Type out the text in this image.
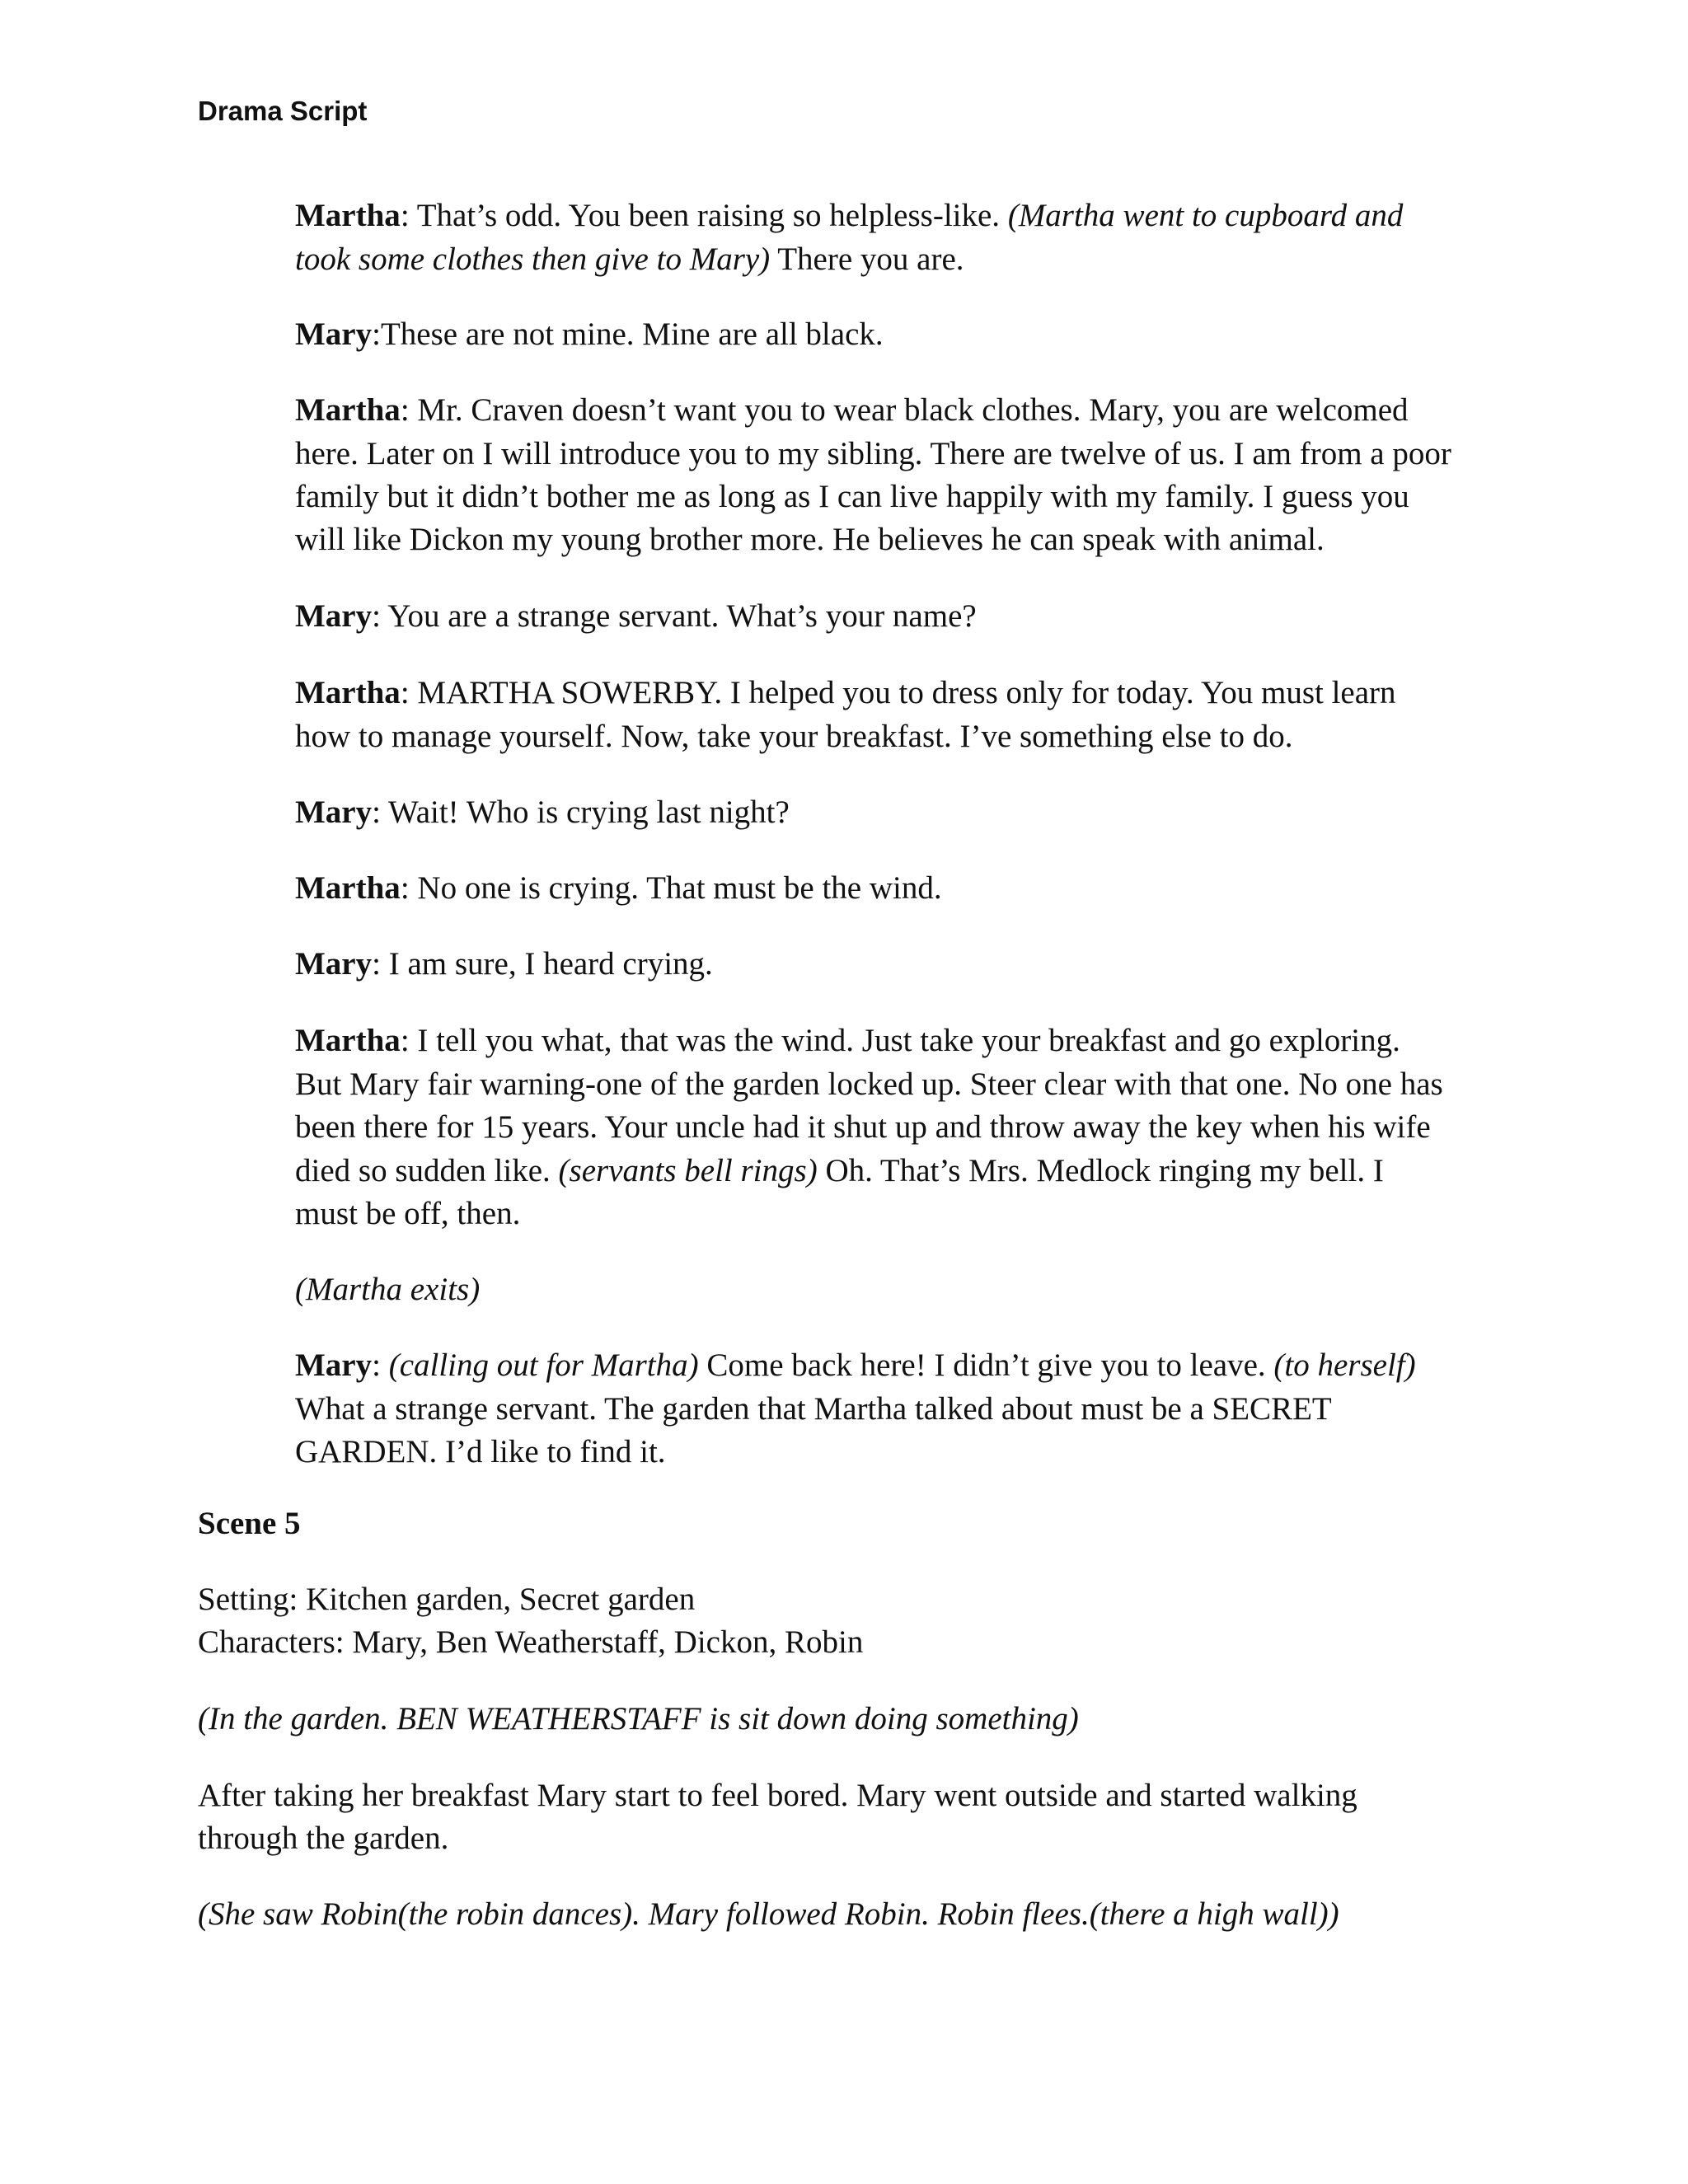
Drama Script

Martha: That’s odd. You been raising so helpless-like. (Martha went to cupboard and

took some clothes then give to Mary) There you are.

Mary:These are not mine. Mine are all black.

Martha: Mr. Craven doesn’t want you to wear black clothes. Mary, you are welcomed

here. Later on I will introduce you to my sibling. There are twelve of us. I am from a poor

family but it didn’t bother me as long as I can live happily with my family. I guess you

will like Dickon my young brother more. He believes he can speak with animal.

Mary: You are a strange servant. What’s your name?

Martha: MARTHA SOWERBY. I helped you to dress only for today. You must learn

how to manage yourself. Now, take your breakfast. I’ve something else to do.

Mary: Wait! Who is crying last night?

Martha: No one is crying. That must be the wind.

Mary: I am sure, I heard crying.

Martha: I tell you what, that was the wind. Just take your breakfast and go exploring.

But Mary fair warning-one of the garden locked up. Steer clear with that one. No one has

been there for 15 years. Your uncle had it shut up and throw away the key when his wife

died so sudden like. (servants bell rings) Oh. That’s Mrs. Medlock ringing my bell. I

must be off, then.

(Martha exits)

Mary: (calling out for Martha) Come back here! I didn’t give you to leave. (to herself)

What a strange servant. The garden that Martha talked about must be a SECRET

GARDEN. I’d like to find it.

Scene 5

Setting: Kitchen garden, Secret garden

Characters: Mary, Ben Weatherstaff, Dickon, Robin

(In the garden. BEN WEATHERSTAFF is sit down doing something)

After taking her breakfast Mary start to feel bored. Mary went outside and started walking

through the garden.

(She saw Robin(the robin dances). Mary followed Robin. Robin flees.(there a high wall))
